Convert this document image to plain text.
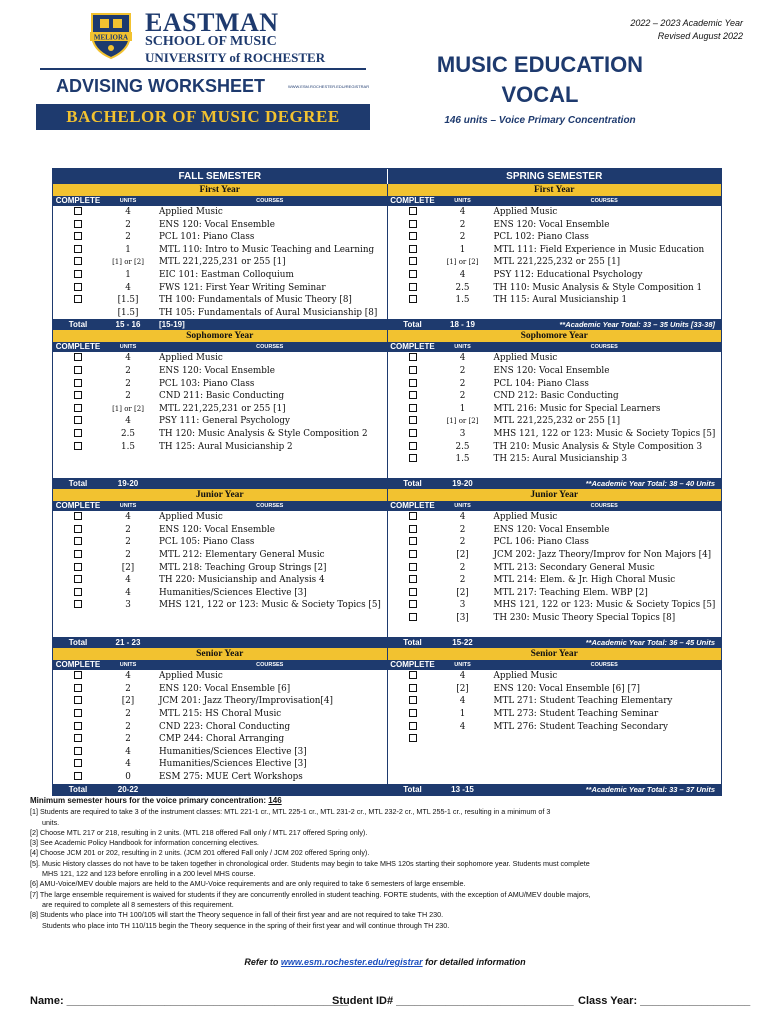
MELIORA
EASTMAN
SCHOOL OF MUSIC
UNIVERSITY of ROCHESTER
ADVISING WORKSHEET	WWW.ESM.ROCHESTER.EDU/REGISTRAR
BACHELOR OF MUSIC DEGREE
2022 – 2023 Academic Year
Revised August 2022
MUSIC EDUCATION
VOCAL
146 units – Voice Primary Concentration
FALL SEMESTER	SPRING SEMESTER
First Year
COMPLETE	UNITS	COURSES
4	Applied Music
2	ENS 120: Vocal Ensemble
2	PCL 101: Piano Class
1	MTL 110: Intro to Music Teaching and Learning
[1] or [2]	MTL 221,225,231 or 255 [1]
1	EIC 101: Eastman Colloquium
4	FWS 121: First Year Writing Seminar
[1.5]	TH 100: Fundamentals of Music Theory [8]
[1.5]	TH 105: Fundamentals of Aural Musicianship [8]
Total	15 - 16	[15-19]
First Year
COMPLETE	UNITS	COURSES
4	Applied Music
2	ENS 120: Vocal Ensemble
2	PCL 102: Piano Class
1	MTL 111: Field Experience in Music Education
[1] or [2]	MTL 221,225,232 or 255 [1]
4	PSY 112: Educational Psychology
2.5	TH 110: Music Analysis & Style Composition 1
1.5	TH 115: Aural Musicianship 1
Total	18 - 19	**Academic Year Total: 33 – 35 Units [33-38]
Sophomore Year
COMPLETE	UNITS	COURSES
4	Applied Music
2	ENS 120: Vocal Ensemble
2	PCL 103: Piano Class
2	CND 211: Basic Conducting
[1] or [2]	MTL 221,225,231 or 255 [1]
4	PSY 111: General Psychology
2.5	TH 120: Music Analysis & Style Composition 2
1.5	TH 125: Aural Musicianship 2
Total	19-20
Sophomore Year
COMPLETE	UNITS	COURSES
4	Applied Music
2	ENS 120: Vocal Ensemble
2	PCL 104: Piano Class
2	CND 212: Basic Conducting
1	MTL 216: Music for Special Learners
[1] or [2]	MTL 221,225,232 or 255 [1]
3	MHS 121, 122 or 123: Music & Society Topics [5]
2.5	TH 210: Music Analysis & Style Composition 3
1.5	TH 215: Aural Musicianship 3
Total	19-20	**Academic Year Total: 38 – 40 Units
Junior Year
COMPLETE	UNITS	COURSES
4	Applied Music
2	ENS 120: Vocal Ensemble
2	PCL 105: Piano Class
2	MTL 212: Elementary General Music
[2]	MTL 218: Teaching Group Strings [2]
4	TH 220: Musicianship and Analysis 4
4	Humanities/Sciences Elective [3]
3	MHS 121, 122 or 123: Music & Society Topics [5]
Total	21 - 23
Junior Year
COMPLETE	UNITS	COURSES
4	Applied Music
2	ENS 120: Vocal Ensemble
2	PCL 106: Piano Class
[2]	JCM 202: Jazz Theory/Improv for Non Majors [4]
2	MTL 213: Secondary General Music
2	MTL 214: Elem. & Jr. High Choral Music
[2]	MTL 217: Teaching Elem. WBP [2]
3	MHS 121, 122 or 123: Music & Society Topics [5]
[3]	TH 230: Music Theory Special Topics [8]
Total	15-22	**Academic Year Total: 36 – 45 Units
Senior Year
COMPLETE	UNITS	COURSES
4	Applied Music
2	ENS 120: Vocal Ensemble [6]
[2]	JCM 201: Jazz Theory/Improvisation[4]
2	MTL 215: HS Choral Music
2	CND 223: Choral Conducting
2	CMP 244: Choral Arranging
4	Humanities/Sciences Elective [3]
4	Humanities/Sciences Elective [3]
0	ESM 275: MUE Cert Workshops
Total	20-22
Senior Year
COMPLETE	UNITS	COURSES
4	Applied Music
[2]	ENS 120: Vocal Ensemble [6] [7]
4	MTL 271: Student Teaching Elementary
1	MTL 273: Student Teaching Seminar
4	MTL 276: Student Teaching Secondary
Total	13 -15	**Academic Year Total: 33 – 37 Units
Minimum semester hours for the voice primary concentration: 146
[1] Students are required to take 3 of the instrument classes: MTL 221-1 cr., MTL 225-1 cr., MTL 231-2 cr., MTL 232-2 cr., MTL 255-1 cr., resulting in a minimum of 3
units.
[2] Choose MTL 217 or 218, resulting in 2 units. (MTL 218 offered Fall only / MTL 217 offered Spring only).
[3] See Academic Policy Handbook for information concerning electives.
[4] Choose JCM 201 or 202, resulting in 2 units. (JCM 201 offered Fall only / JCM 202 offered Spring only).
[5]. Music History classes do not have to be taken together in chronological order. Students may begin to take MHS 120s starting their sophomore year. Students must complete
MHS 121, 122 and 123 before enrolling in a 200 level MHS course.
[6] AMU-Voice/MEV double majors are held to the AMU-Voice requirements and are only required to take 6 semesters of large ensemble.
[7] The large ensemble requirement is waived for students if they are concurrently enrolled in student teaching. FORTE students, with the exception of AMU/MEV double majors,
are required to complete all 8 semesters of this requirement.
[8] Students who place into TH 100/105 will start the Theory sequence in fall of their first year and are not required to take TH 230.
Students who place into TH 110/115 begin the Theory sequence in the spring of their first year and will continue through TH 230.
Refer to www.esm.rochester.edu/registrar for detailed information
Name: ______________________________________________
Student ID# _____________________________ Class Year: __________________
